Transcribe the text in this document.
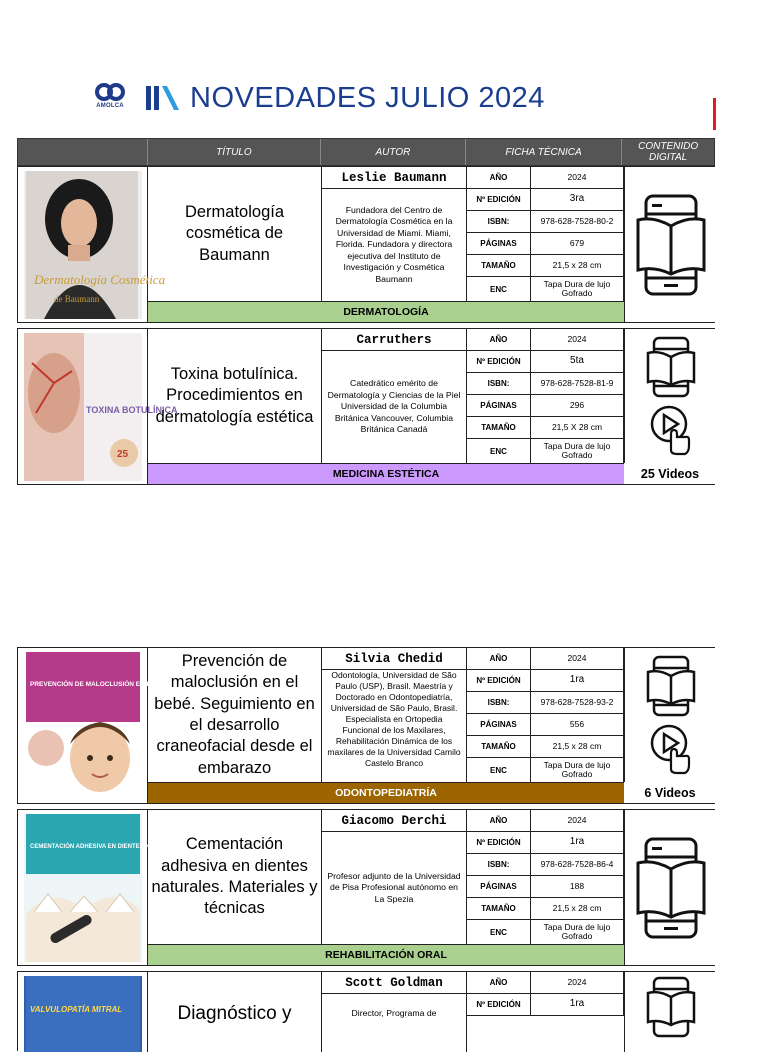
AMOLCA NOVEDADES JULIO 2024
TÍTULO	AUTOR	FICHA TÉCNICA	CONTENIDO DIGITAL
Dermatología Cosmética
de Baumann
Dermatología cosmética de Baumann
Leslie Baumann
Fundadora del Centro de Dermatología Cosmética en la Universidad de Miami. Miami, Florida. Fundadora y directora ejecutiva del Instituto de Investigación y Cosmética Baumann
AÑO	2024
Nº EDICIÓN	3ra
ISBN:	978-628-7528-80-2
PÁGINAS	679
TAMAÑO	21,5 x 28 cm
ENC	Tapa Dura de lujo Gofrado
DERMATOLOGÍA
TOXINA BOTULÍNICA
25
Toxina botulínica. Procedimientos en dermatología estética
Carruthers
Catedrático emérito de Dermatología y Ciencias de la Piel Universidad de la Columbia Británica Vancouver, Columbia Británica Canadá
AÑO	2024
Nº EDICIÓN	5ta
ISBN:	978-628-7528-81-9
PÁGINAS	296
TAMAÑO	21,5 X 28 cm
ENC	Tapa Dura de lujo Gofrado
MEDICINA ESTÉTICA	25 Videos
PREVENCIÓN DE MALOCLUSIÓN EN EL BEBÉ
Prevención de maloclusión en el bebé. Seguimiento en el desarrollo craneofacial desde el embarazo
Silvia Chedid
Odontología, Universidad de São Paulo (USP), Brasil. Maestría y Doctorado en Odontopediatría, Universidad de São Paulo, Brasil. Especialista en Ortopedia Funcional de los Maxilares, Rehabilitación Dinámica de los maxilares de la Universidad Camilo Castelo Branco
AÑO	2024
Nº EDICIÓN	1ra
ISBN:	978-628-7528-93-2
PÁGINAS	556
TAMAÑO	21,5 x 28 cm
ENC	Tapa Dura de lujo Gofrado
ODONTOPEDIATRÍA	6 Videos
CEMENTACIÓN ADHESIVA EN DIENTES NATURALES Cementación adhesiva en dientes naturales. Materiales y técnicas
Giacomo Derchi
Profesor adjunto de la Universidad de Pisa Profesional autónomo en La Spezia
AÑO	2024
Nº EDICIÓN	1ra
ISBN:	978-628-7528-86-4
PÁGINAS	188
TAMAÑO	21,5 x 28 cm
ENC	Tapa Dura de lujo Gofrado
REHABILITACIÓN ORAL
VALVULOPATÍA MITRAL	Diagnóstico y
Scott Goldman
Director, Programa de
AÑO	2024
Nº EDICIÓN	1ra
